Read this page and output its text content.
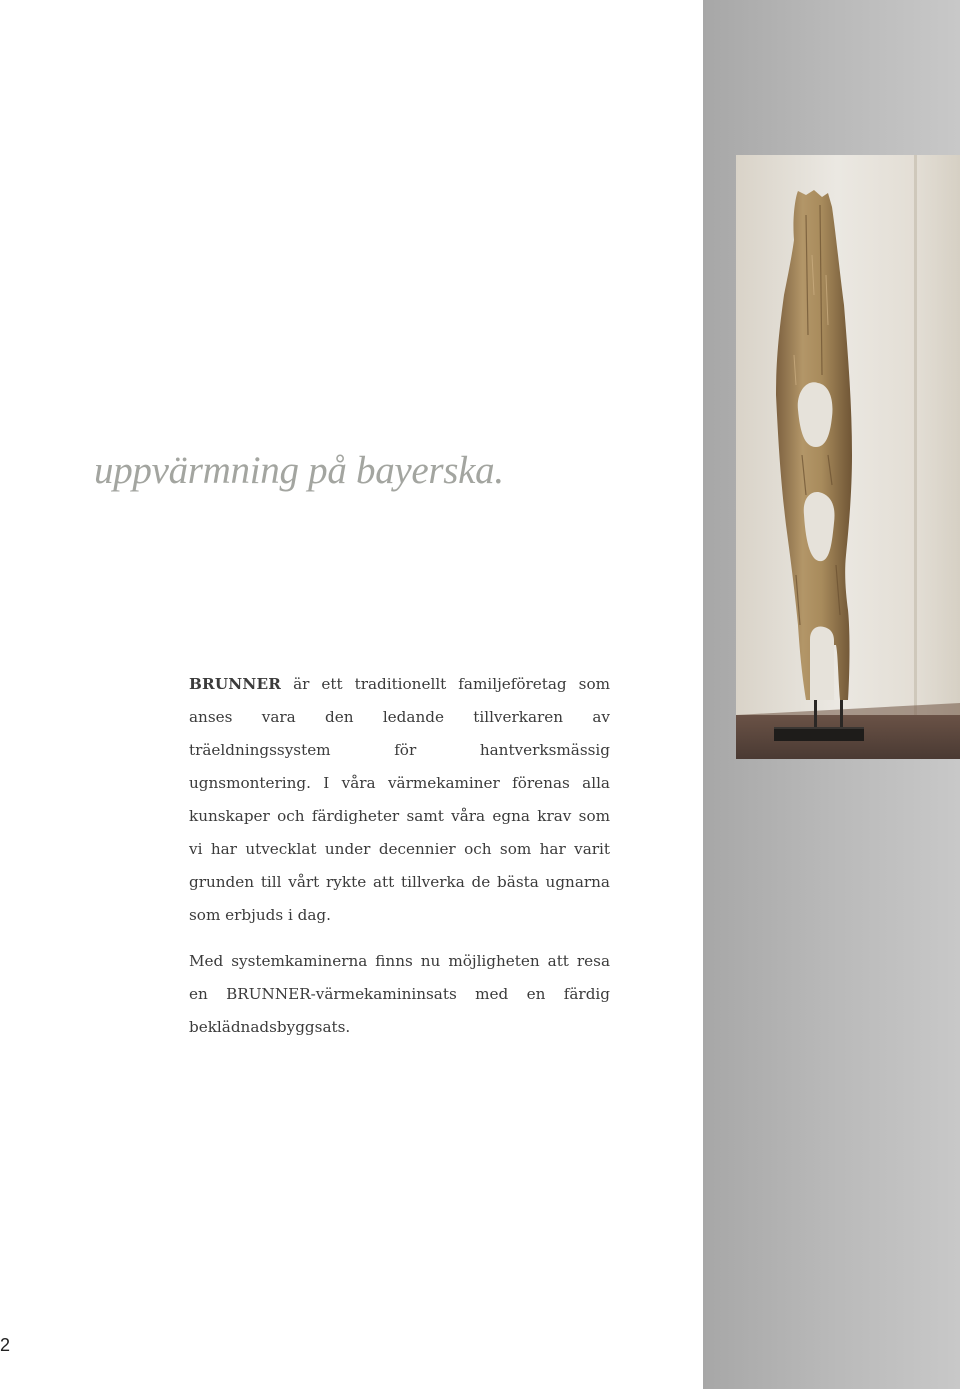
uppvärmning på bayerska.

BRUNNER är ett traditionellt familjeföretag som anses vara den ledande tillverkaren av träeldningssystem för hantverksmässig ugnsmontering. I våra värmekaminer förenas alla kunskaper och färdigheter samt våra egna krav som vi har utvecklat under decennier och som har varit grunden till vårt rykte att tillverka de bästa ugnarna som erbjuds i dag.

Med systemkaminerna finns nu möjligheten att resa en BRUNNER-värmekamininsats med en färdig beklädnadsbyggsats.

2
